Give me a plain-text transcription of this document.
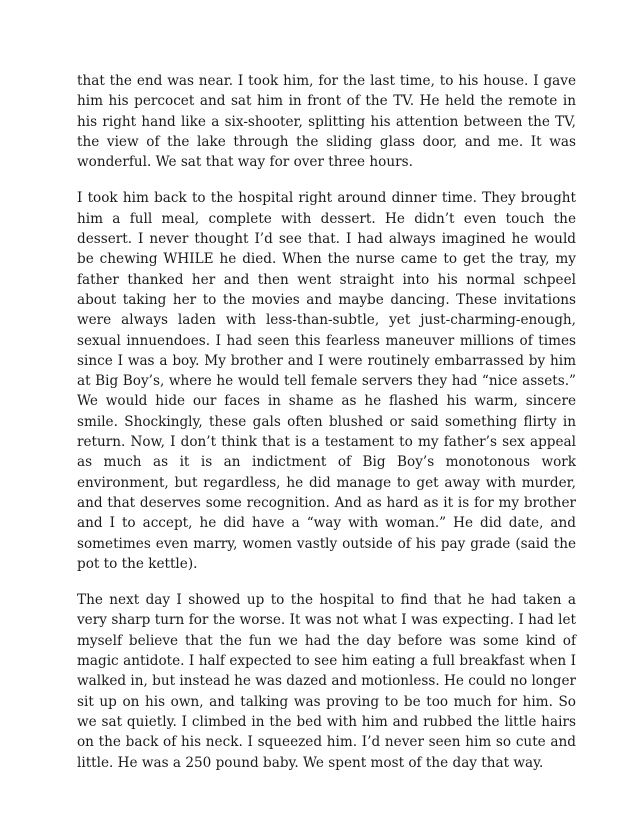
that the end was near. I took him, for the last time, to his house. I gave him his percocet and sat him in front of the TV. He held the remote in his right hand like a six-shooter, splitting his attention between the TV, the view of the lake through the sliding glass door, and me. It was wonderful. We sat that way for over three hours.

I took him back to the hospital right around dinner time. They brought him a full meal, complete with dessert. He didn’t even touch the dessert. I never thought I’d see that. I had always imagined he would be chewing WHILE he died. When the nurse came to get the tray, my father thanked her and then went straight into his normal schpeel about taking her to the movies and maybe dancing. These invitations were always laden with less-than-subtle, yet just-charming-enough, sexual innuendoes. I had seen this fearless maneuver millions of times since I was a boy. My brother and I were routinely embarrassed by him at Big Boy’s, where he would tell female servers they had “nice assets.” We would hide our faces in shame as he flashed his warm, sincere smile. Shockingly, these gals often blushed or said something flirty in return. Now, I don’t think that is a testament to my father’s sex appeal as much as it is an indictment of Big Boy’s monotonous work environment, but regardless, he did manage to get away with murder, and that deserves some recognition. And as hard as it is for my brother and I to accept, he did have a “way with woman.” He did date, and sometimes even marry, women vastly outside of his pay grade (said the pot to the kettle).

The next day I showed up to the hospital to find that he had taken a very sharp turn for the worse. It was not what I was expecting. I had let myself believe that the fun we had the day before was some kind of magic antidote. I half expected to see him eating a full breakfast when I walked in, but instead he was dazed and motionless. He could no longer sit up on his own, and talking was proving to be too much for him. So we sat quietly. I climbed in the bed with him and rubbed the little hairs on the back of his neck. I squeezed him. I’d never seen him so cute and little. He was a 250 pound baby. We spent most of the day that way.
